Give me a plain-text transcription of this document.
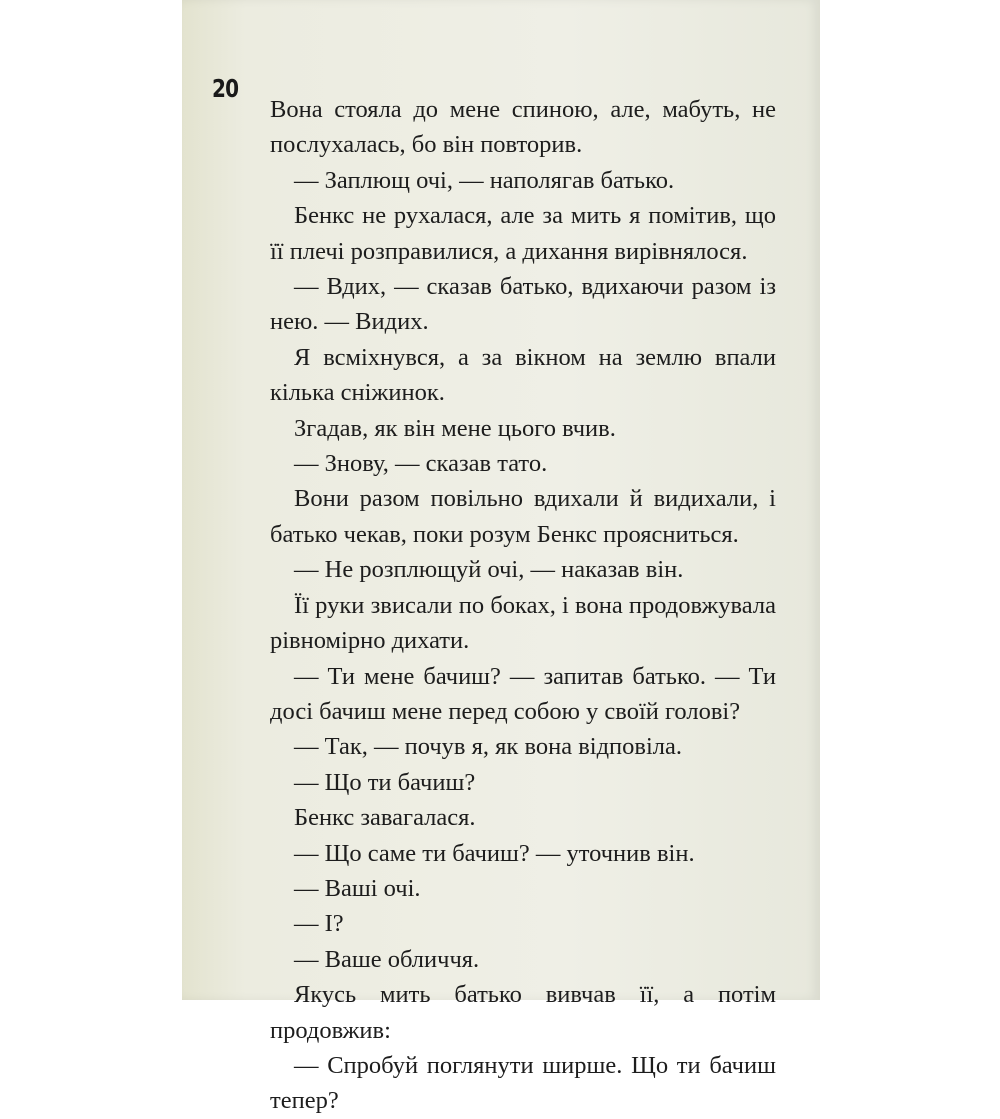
20

Вона стояла до мене спиною, але, мабуть, не послухалась, бо він повторив.

— Заплющ очі, — наполягав батько.

Бенкс не рухалася, але за мить я помітив, що її плечі розправилися, а дихання вирівнялося.

— Вдих, — сказав батько, вдихаючи разом із нею. — Видих.

Я всміхнувся, а за вікном на землю впали кілька сніжинок.

Згадав, як він мене цього вчив.

— Знову, — сказав тато.

Вони разом повільно вдихали й видихали, і батько чекав, поки розум Бенкс проясниться.

— Не розплющуй очі, — наказав він.

Її руки звисали по боках, і вона продовжувала рівномірно дихати.

— Ти мене бачиш? — запитав батько. — Ти досі бачиш мене перед собою у своїй голові?

— Так, — почув я, як вона відповіла.

— Що ти бачиш?

Бенкс завагалася.

— Що саме ти бачиш? — уточнив він.

— Ваші очі.

— І?

— Ваше обличчя.

Якусь мить батько вивчав її, а потім продовжив:

— Спробуй поглянути ширше. Що ти бачиш тепер?
